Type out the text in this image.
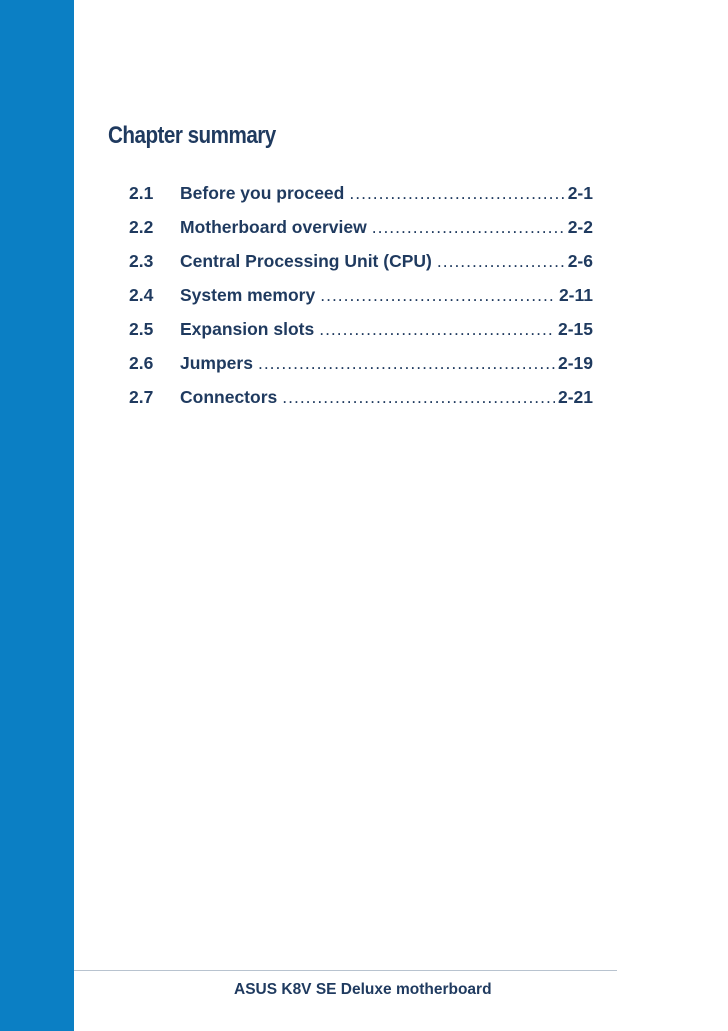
Chapter summary
2.1	Before you proceed .....	2-1
2.2	Motherboard overview .....	2-2
2.3	Central Processing Unit (CPU) .....	2-6
2.4	System memory .....	2-11
2.5	Expansion slots .....	2-15
2.6	Jumpers .....	2-19
2.7	Connectors .....	2-21
ASUS K8V SE Deluxe motherboard
